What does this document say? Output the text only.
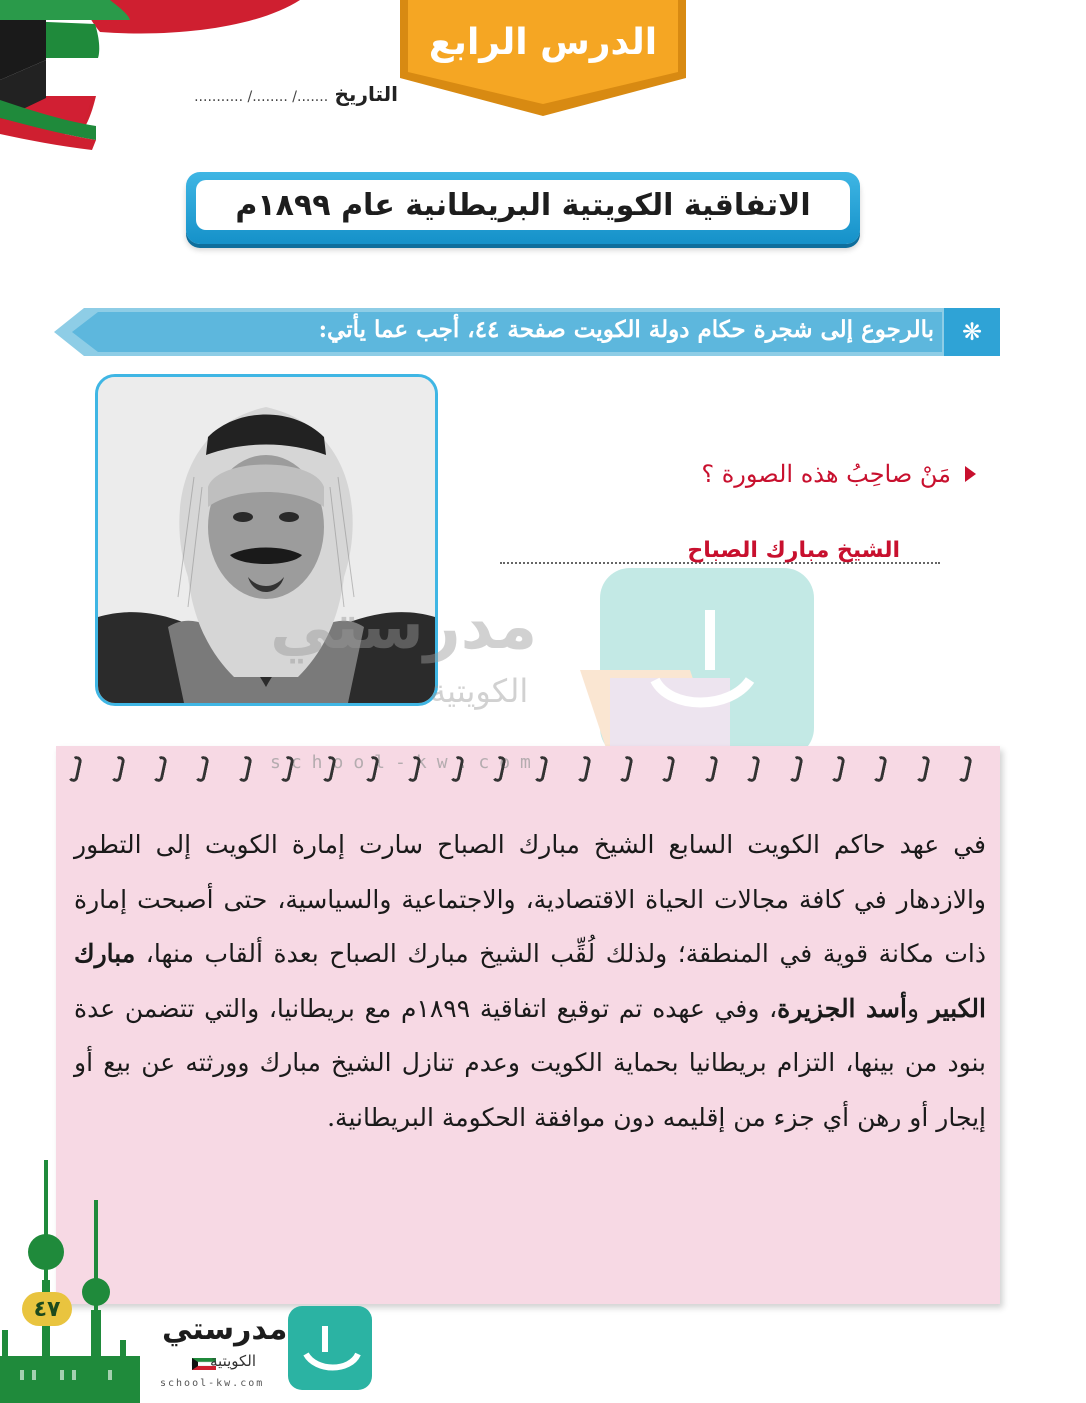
الدرس الرابع
التاريخ ......./ ......../ ...........
الاتفاقية الكويتية البريطانية عام ١٨٩٩م
❋
بالرجوع إلى شجرة حكام دولة الكويت صفحة ٤٤، أجب عما يأتي:
مَنْ صاحِبُ هذه الصورة ؟
الشيخ مبارك الصباح
مدرستي
الكويتية
school-kw.com

في عهد حاكم الكويت السابع الشيخ مبارك الصباح سارت إمارة الكويت إلى التطور والازدهار في كافة مجالات الحياة الاقتصادية، والاجتماعية والسياسية، حتى أصبحت إمارة ذات مكانة قوية في المنطقة؛ ولذلك لُقِّب الشيخ مبارك الصباح بعدة ألقاب منها، مبارك الكبير وأسد الجزيرة، وفي عهده تم توقيع اتفاقية ١٨٩٩م مع بريطانيا، والتي تتضمن عدة بنود من بينها، التزام بريطانيا بحماية الكويت وعدم تنازل الشيخ مبارك وورثته عن بيع أو إيجار أو رهن أي جزء من إقليمه دون موافقة الحكومة البريطانية.

٤٧
مدرستي
الكويتية
school-kw.com
